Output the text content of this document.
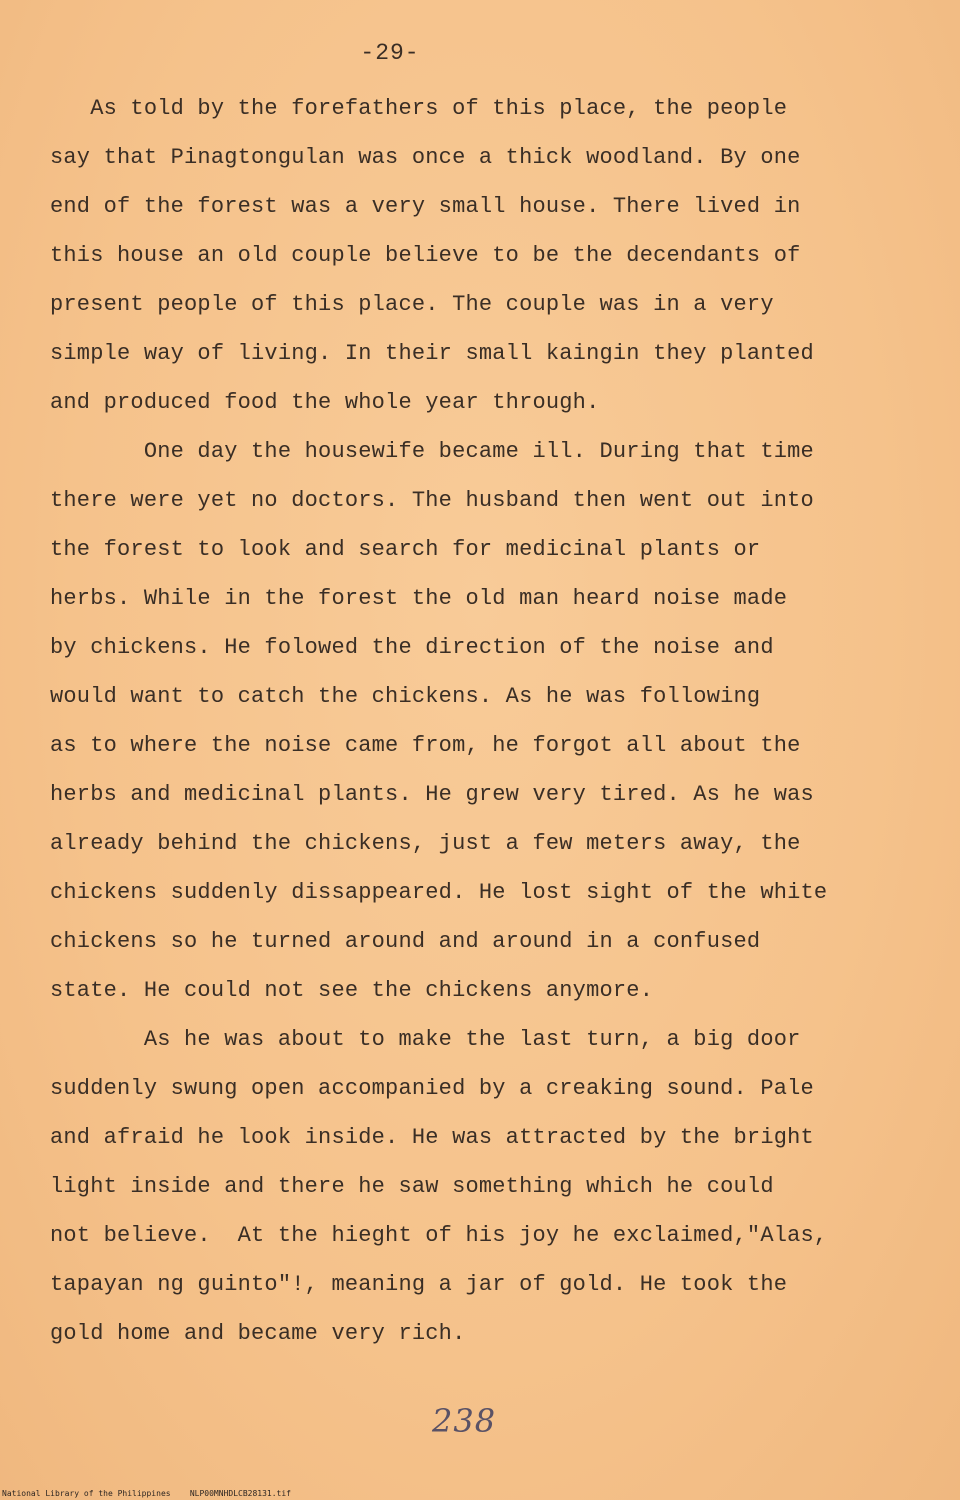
-29-
As told by the forefathers of this place, the people
say that Pinagtongulan was once a thick woodland. By one
end of the forest was a very small house. There lived in
this house an old couple believe to be the decendants of
present people of this place. The couple was in a very
simple way of living. In their small kaingin they planted
and produced food the whole year through.
One day the housewife became ill. During that time
there were yet no doctors. The husband then went out into
the forest to look and search for medicinal plants or
herbs. While in the forest the old man heard noise made
by chickens. He folowed the direction of the noise and
would want to catch the chickens. As he was following
as to where the noise came from, he forgot all about the
herbs and medicinal plants. He grew very tired. As he was
already behind the chickens, just a few meters away, the
chickens suddenly dissappeared. He lost sight of the white
chickens so he turned around and around in a confused
state. He could not see the chickens anymore.
As he was about to make the last turn, a big door
suddenly swung open accompanied by a creaking sound. Pale
and afraid he look inside. He was attracted by the bright
light inside and there he saw something which he could
not believe.  At the hieght of his joy he exclaimed,"Alas,
tapayan ng guinto"!, meaning a jar of gold. He took the
gold home and became very rich.
238
National Library of the Philippines    NLP00MNHDLCB28131.tif
